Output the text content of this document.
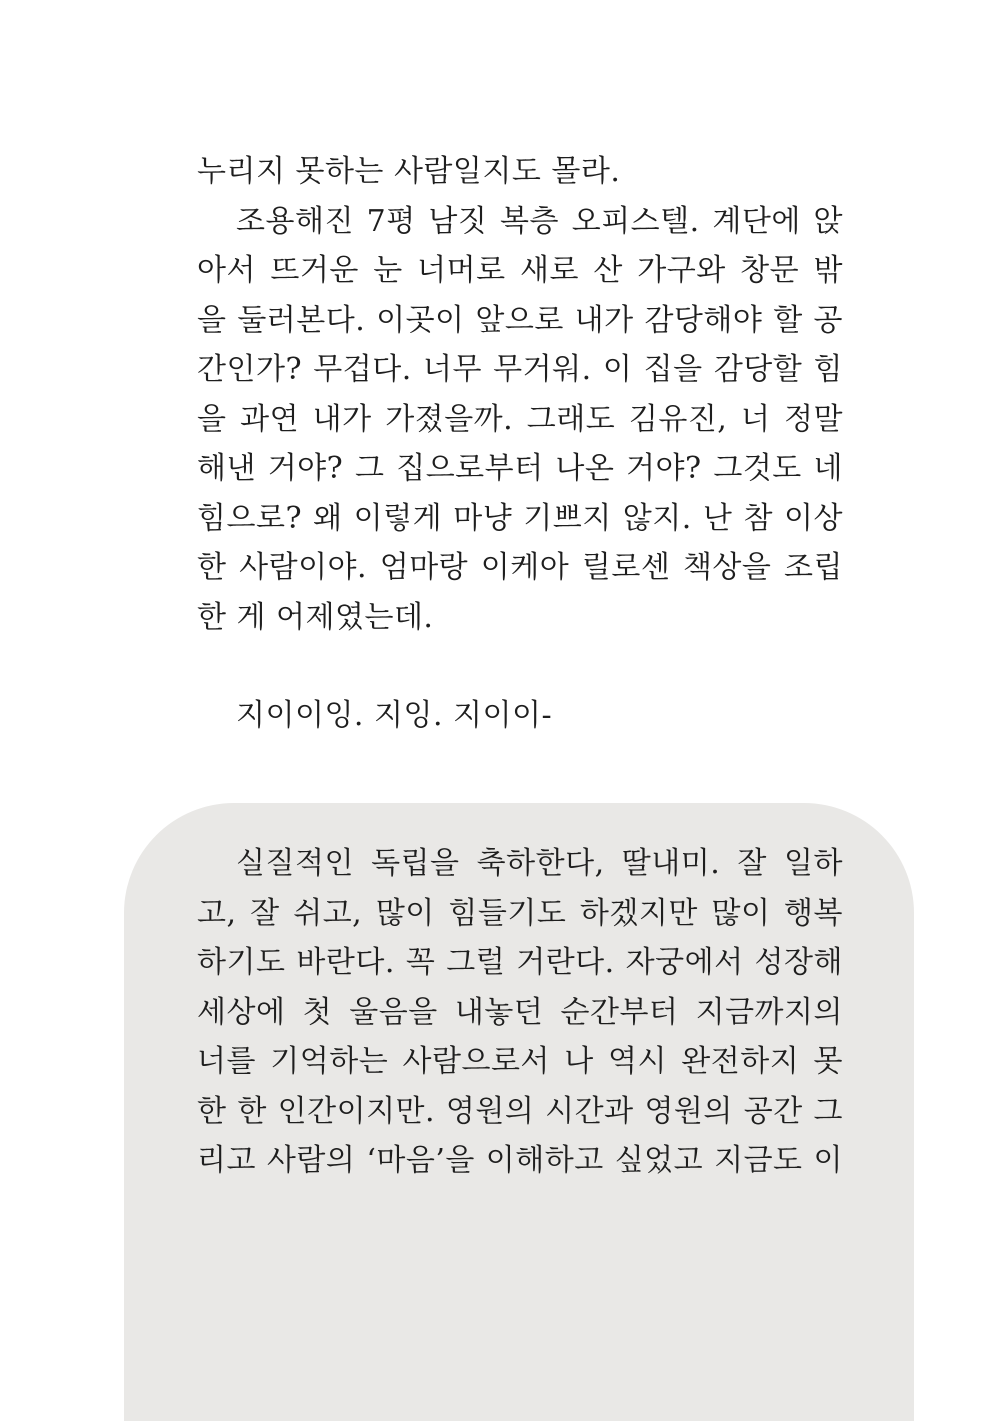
누리지 못하는 사람일지도 몰라.
조용해진 7평 남짓 복층 오피스텔. 계단에 앉
아서 뜨거운 눈 너머로 새로 산 가구와 창문 밖
을 둘러본다. 이곳이 앞으로 내가 감당해야 할 공
간인가? 무겁다. 너무 무거워. 이 집을 감당할 힘
을 과연 내가 가졌을까. 그래도 김유진, 너 정말
해낸 거야? 그 집으로부터 나온 거야? 그것도 네
힘으로? 왜 이렇게 마냥 기쁘지 않지. 난 참 이상
한 사람이야. 엄마랑 이케아 릴로센 책상을 조립
한 게 어제였는데.
지이이잉. 지잉. 지이이-
실질적인 독립을 축하한다, 딸내미. 잘 일하
고, 잘 쉬고, 많이 힘들기도 하겠지만 많이 행복
하기도 바란다. 꼭 그럴 거란다. 자궁에서 성장해
세상에 첫 울음을 내놓던 순간부터 지금까지의
너를 기억하는 사람으로서 나 역시 완전하지 못
한 한 인간이지만. 영원의 시간과 영원의 공간 그
리고 사람의 ‘마음’을 이해하고 싶었고 지금도 이
